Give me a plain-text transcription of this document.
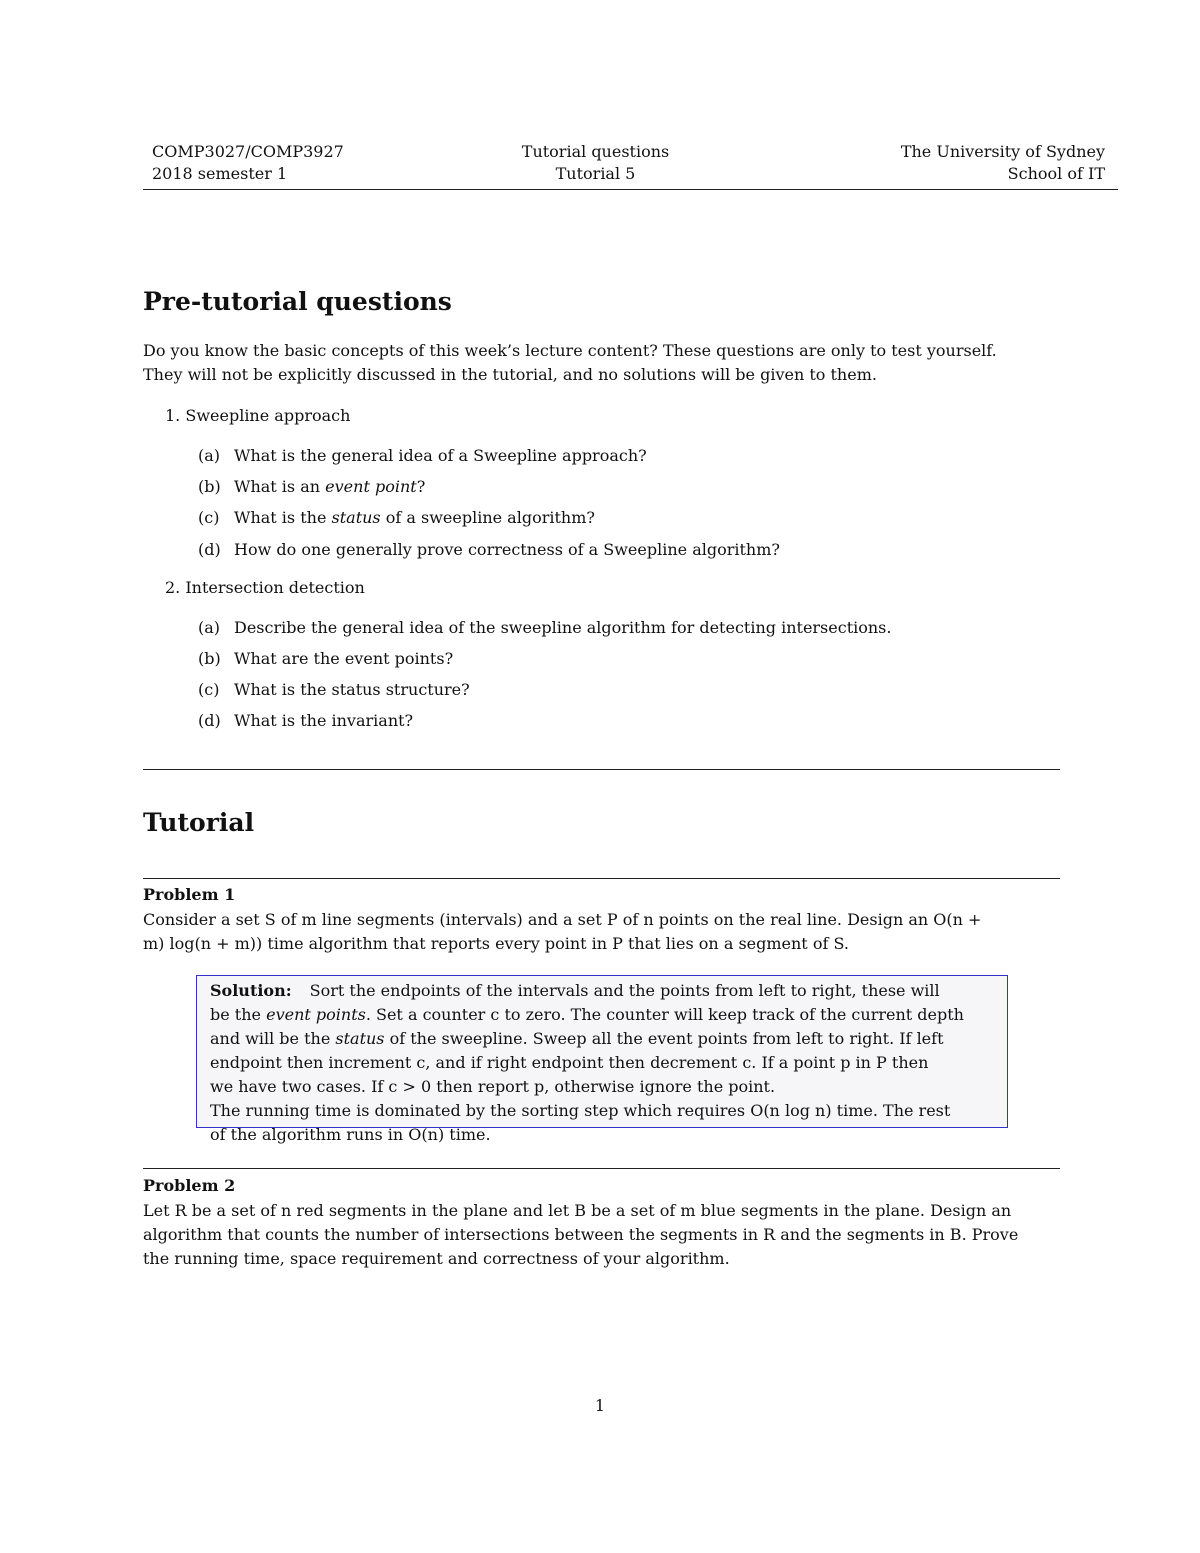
COMP3027/COMP3927
2018 semester 1
Tutorial questions
Tutorial 5
The University of Sydney
School of IT
Pre-tutorial questions

Do you know the basic concepts of this week’s lecture content? These questions are only to test yourself.
They will not be explicitly discussed in the tutorial, and no solutions will be given to them.

1. Sweepline approach
(a) What is the general idea of a Sweepline approach?
(b) What is an event point?
(c) What is the status of a sweepline algorithm?
(d) How do one generally prove correctness of a Sweepline algorithm?
2. Intersection detection
(a) Describe the general idea of the sweepline algorithm for detecting intersections.
(b) What are the event points?
(c) What is the status structure?
(d) What is the invariant?
Tutorial
Problem 1

Consider a set S of m line segments (intervals) and a set P of n points on the real line. Design an O(n +
m) log(n + m)) time algorithm that reports every point in P that lies on a segment of S.

Solution: Sort the endpoints of the intervals and the points from left to right, these will
be the event points. Set a counter c to zero. The counter will keep track of the current depth
and will be the status of the sweepline. Sweep all the event points from left to right. If left
endpoint then increment c, and if right endpoint then decrement c. If a point p in P then
we have two cases. If c > 0 then report p, otherwise ignore the point.
The running time is dominated by the sorting step which requires O(n log n) time. The rest
of the algorithm runs in O(n) time.
Problem 2

Let R be a set of n red segments in the plane and let B be a set of m blue segments in the plane. Design an
algorithm that counts the number of intersections between the segments in R and the segments in B. Prove
the running time, space requirement and correctness of your algorithm.

1
